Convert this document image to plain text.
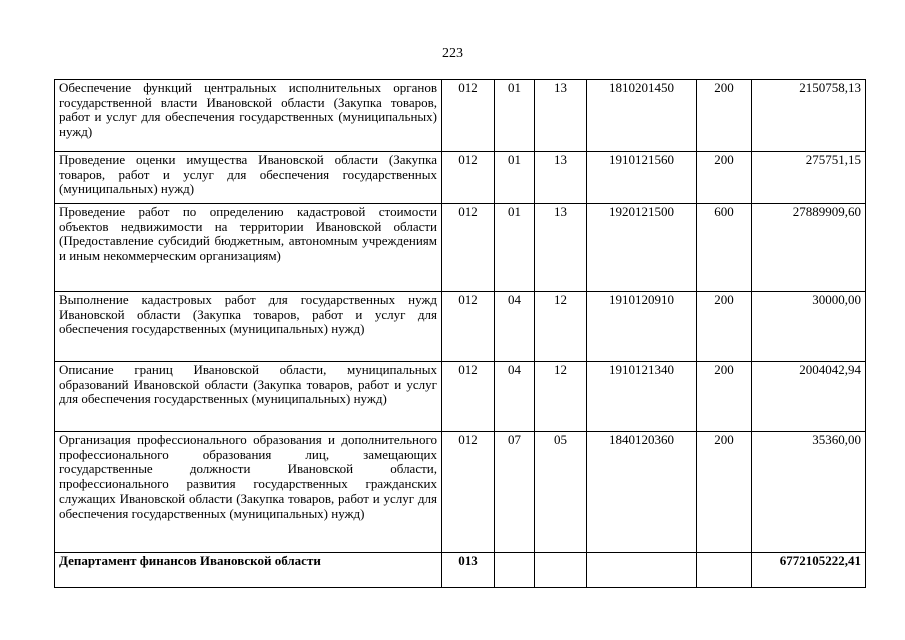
223
Обеспечение функций центральных исполнительных органов государственной власти Ивановской области (Закупка товаров, работ и услуг для обеспечения государственных (муниципальных) нужд)	012	01	13	1810201450	200	2150758,13
Проведение оценки имущества Ивановской области (Закупка товаров, работ и услуг для обеспечения государственных (муниципальных) нужд)	012	01	13	1910121560	200	275751,15
Проведение работ по определению кадастровой стоимости объектов недвижимости на территории Ивановской области (Предоставление субсидий бюджетным, автономным учреждениям и иным некоммерческим организациям)	012	01	13	1920121500	600	27889909,60
Выполнение кадастровых работ для государственных нужд Ивановской области (Закупка товаров, работ и услуг для обеспечения государственных (муниципальных) нужд)	012	04	12	1910120910	200	30000,00
Описание границ Ивановской области, муниципальных образований Ивановской области (Закупка товаров, работ и услуг для обеспечения государственных (муниципальных) нужд)	012	04	12	1910121340	200	2004042,94
Организация профессионального образования и дополнительного профессионального образования лиц, замещающих государственные должности Ивановской области, профессионального развития государственных гражданских служащих Ивановской области (Закупка товаров, работ и услуг для обеспечения государственных (муниципальных) нужд)	012	07	05	1840120360	200	35360,00
Департамент финансов Ивановской области	013					6772105222,41
